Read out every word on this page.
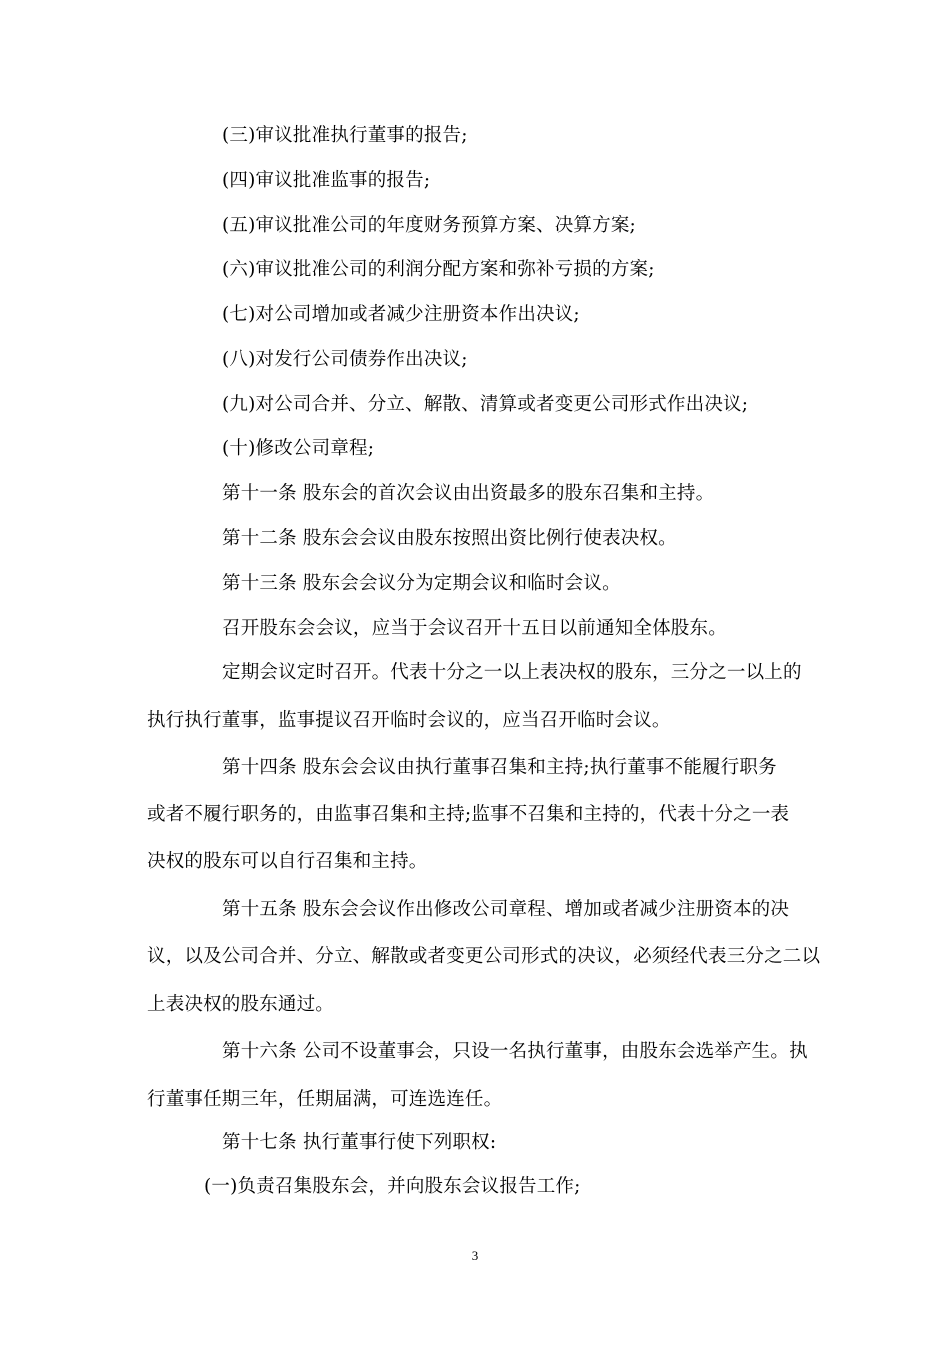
(三)审议批准执行董事的报告;
(四)审议批准监事的报告;
(五)审议批准公司的年度财务预算方案、决算方案;
(六)审议批准公司的利润分配方案和弥补亏损的方案;
(七)对公司增加或者减少注册资本作出决议;
(八)对发行公司债券作出决议;
(九)对公司合并、分立、解散、清算或者变更公司形式作出决议;
(十)修改公司章程;
第十一条 股东会的首次会议由出资最多的股东召集和主持。
第十二条 股东会会议由股东按照出资比例行使表决权。
第十三条 股东会会议分为定期会议和临时会议。
召开股东会会议，应当于会议召开十五日以前通知全体股东。
定期会议定时召开。代表十分之一以上表决权的股东，三分之一以上的
执行执行董事，监事提议召开临时会议的，应当召开临时会议。
第十四条 股东会会议由执行董事召集和主持;执行董事不能履行职务
或者不履行职务的，由监事召集和主持;监事不召集和主持的，代表十分之一表
决权的股东可以自行召集和主持。
第十五条 股东会会议作出修改公司章程、增加或者减少注册资本的决
议，以及公司合并、分立、解散或者变更公司形式的决议，必须经代表三分之二以
上表决权的股东通过。
第十六条 公司不设董事会，只设一名执行董事，由股东会选举产生。执
行董事任期三年，任期届满，可连选连任。
第十七条 执行董事行使下列职权:
(一)负责召集股东会，并向股东会议报告工作;
3
